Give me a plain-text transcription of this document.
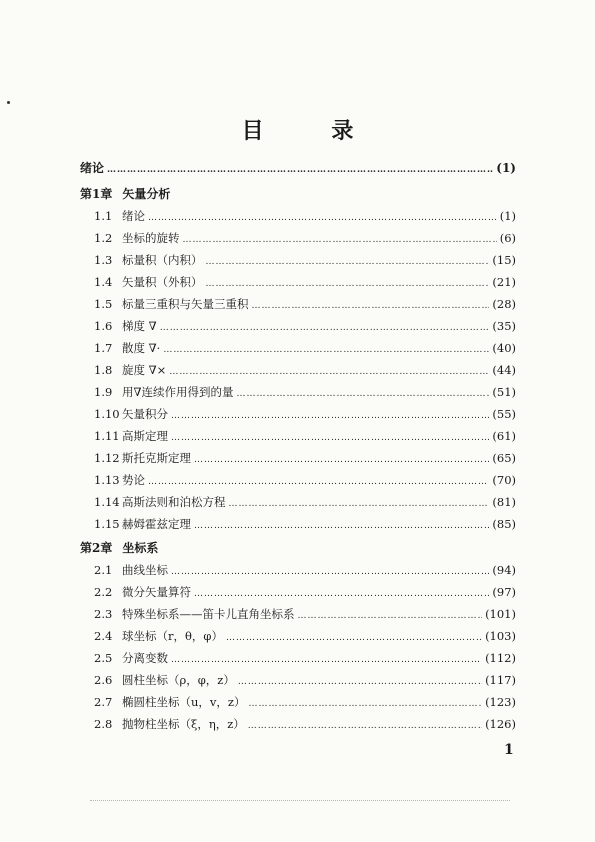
目 录
绪论 …………………………………………………………………………………………………………………………………………………………………………	(1)
第1章 矢量分析
1.1 绪论 …………………………………………………………………………………………………………………………………………………………………………	(1)
1.2 坐标的旋转 …………………………………………………………………………………………………………………………………………………………………………	(6)
1.3 标量积（内积） …………………………………………………………………………………………………………………………………………………………………………	(15)
1.4 矢量积（外积） …………………………………………………………………………………………………………………………………………………………………………	(21)
1.5 标量三重积与矢量三重积 …………………………………………………………………………………………………………………………………………………………………………	(28)
1.6 梯度 ∇ …………………………………………………………………………………………………………………………………………………………………………	(35)
1.7 散度 ∇· …………………………………………………………………………………………………………………………………………………………………………	(40)
1.8 旋度 ∇× …………………………………………………………………………………………………………………………………………………………………………	(44)
1.9 用∇连续作用得到的量 …………………………………………………………………………………………………………………………………………………………………………	(51)
1.10 矢量积分 …………………………………………………………………………………………………………………………………………………………………………	(55)
1.11 高斯定理 …………………………………………………………………………………………………………………………………………………………………………	(61)
1.12 斯托克斯定理 …………………………………………………………………………………………………………………………………………………………………………	(65)
1.13 势论 …………………………………………………………………………………………………………………………………………………………………………	(70)
1.14 高斯法则和泊松方程 …………………………………………………………………………………………………………………………………………………………………………	(81)
1.15 赫姆霍兹定理 …………………………………………………………………………………………………………………………………………………………………………	(85)
第2章 坐标系
2.1 曲线坐标 …………………………………………………………………………………………………………………………………………………………………………	(94)
2.2 微分矢量算符 …………………………………………………………………………………………………………………………………………………………………………	(97)
2.3 特殊坐标系——笛卡儿直角坐标系 …………………………………………………………………………………………………………………………………………………………………………	(101)
2.4 球坐标（r，θ，φ） …………………………………………………………………………………………………………………………………………………………………………	(103)
2.5 分离变数 …………………………………………………………………………………………………………………………………………………………………………	(112)
2.6 圆柱坐标（ρ，φ，z） …………………………………………………………………………………………………………………………………………………………………………	(117)
2.7 椭圆柱坐标（u，v，z） …………………………………………………………………………………………………………………………………………………………………………	(123)
2.8 抛物柱坐标（ξ，η，z） …………………………………………………………………………………………………………………………………………………………………………	(126)
1
